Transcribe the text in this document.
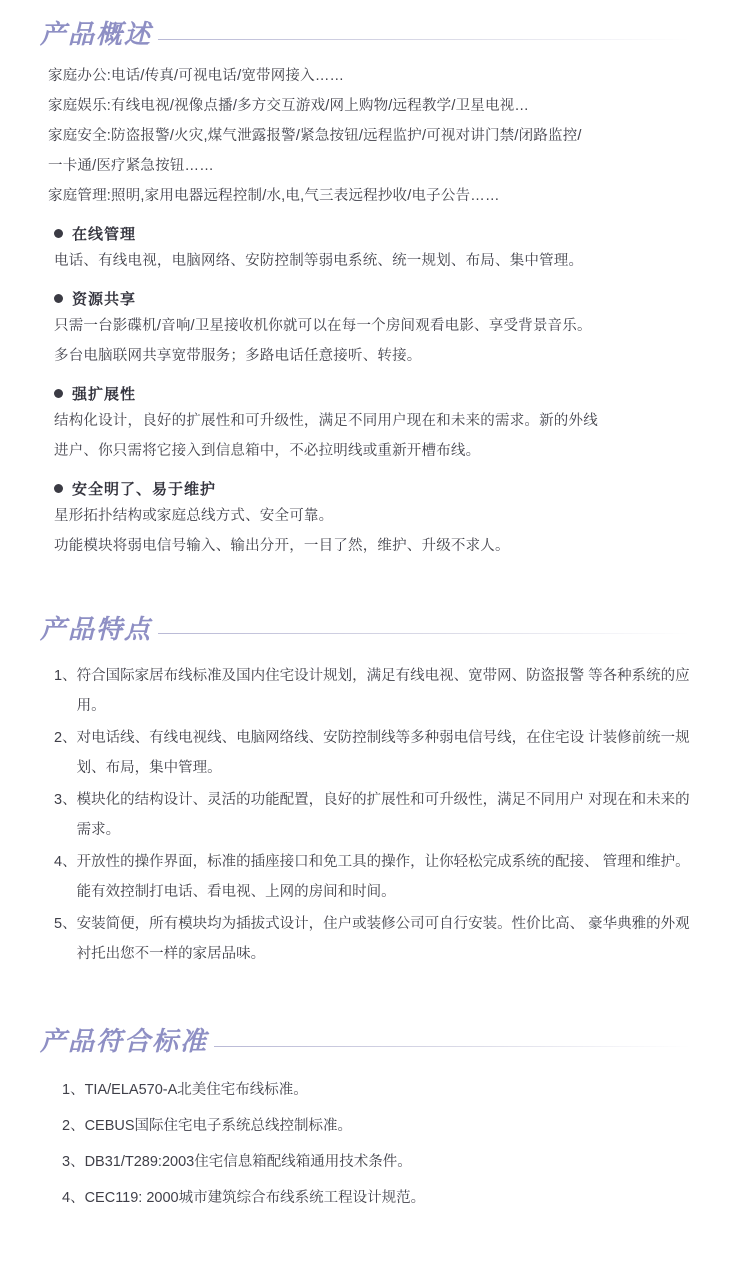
产品概述

家庭办公:电话/传真/可视电话/宽带网接入……

家庭娱乐:有线电视/视像点播/多方交互游戏/网上购物/远程教学/卫星电视…

家庭安全:防盗报警/火灾,煤气泄露报警/紧急按钮/远程监护/可视对讲门禁/闭路监控/

一卡通/医疗紧急按钮……

家庭管理:照明,家用电器远程控制/水,电,气三表远程抄收/电子公告……

在线管理

电话、有线电视，电脑网络、安防控制等弱电系统、统一规划、布局、集中管理。

资源共享

只需一台影碟机/音响/卫星接收机你就可以在每一个房间观看电影、享受背景音乐。

多台电脑联网共享宽带服务；多路电话任意接听、转接。

强扩展性

结构化设计，良好的扩展性和可升级性，满足不同用户现在和未来的需求。新的外线

进户、你只需将它接入到信息箱中，不必拉明线或重新开槽布线。

安全明了、易于维护

星形拓扑结构或家庭总线方式、安全可靠。

功能模块将弱电信号输入、输出分开，一目了然，维护、升级不求人。

产品特点
1、 符合国际家居布线标准及国内住宅设计规划，满足有线电视、宽带网、防盗报警 等各种系统的应用。
2、 对电话线、有线电视线、电脑网络线、安防控制线等多种弱电信号线，在住宅设 计装修前统一规划、布局，集中管理。
3、 模块化的结构设计、灵活的功能配置，良好的扩展性和可升级性，满足不同用户 对现在和未来的需求。
4、 开放性的操作界面，标准的插座接口和免工具的操作，让你轻松完成系统的配接、 管理和维护。能有效控制打电话、看电视、上网的房间和时间。
5、 安装简便，所有模块均为插拔式设计，住户或装修公司可自行安装。性价比高、 豪华典雅的外观衬托出您不一样的家居品味。
产品符合标准
1、 TIA/ELA570-A北美住宅布线标准。
2、 CEBUS国际住宅电子系统总线控制标准。
3、 DB31/T289:2003住宅信息箱配线箱通用技术条件。
4、 CEC119: 2000城市建筑综合布线系统工程设计规范。
